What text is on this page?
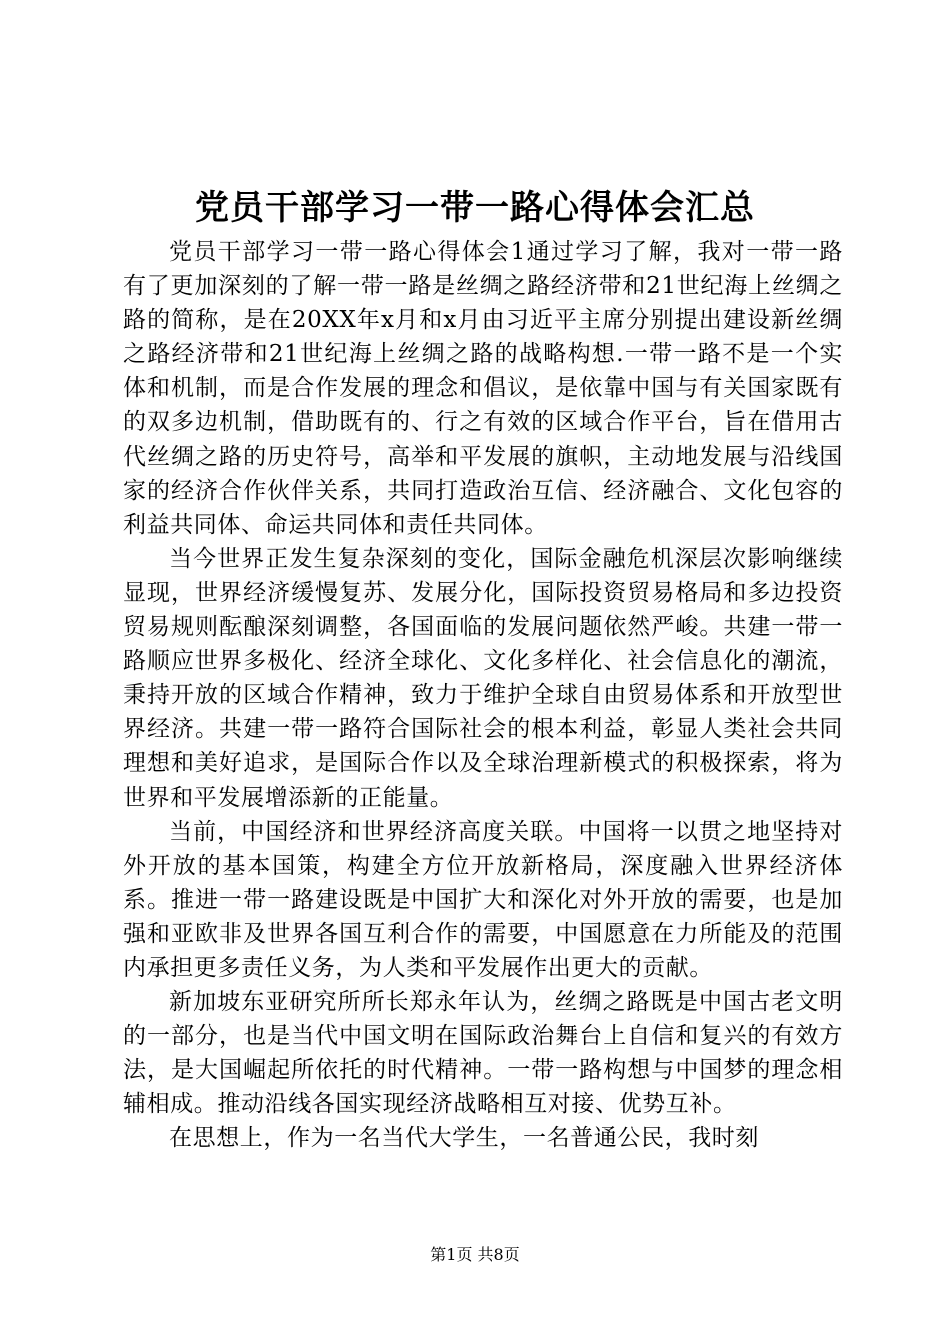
党员干部学习一带一路心得体会汇总

党员干部学习一带一路心得体会1通过学习了解，我对一带一路有了更加深刻的了解一带一路是丝绸之路经济带和21世纪海上丝绸之路的简称，是在20XX年x月和x月由习近平主席分别提出建设新丝绸之路经济带和21世纪海上丝绸之路的战略构想.一带一路不是一个实体和机制，而是合作发展的理念和倡议，是依靠中国与有关国家既有的双多边机制，借助既有的、行之有效的区域合作平台，旨在借用古代丝绸之路的历史符号，高举和平发展的旗帜，主动地发展与沿线国家的经济合作伙伴关系，共同打造政治互信、经济融合、文化包容的利益共同体、命运共同体和责任共同体。

当今世界正发生复杂深刻的变化，国际金融危机深层次影响继续显现，世界经济缓慢复苏、发展分化，国际投资贸易格局和多边投资贸易规则酝酿深刻调整，各国面临的发展问题依然严峻。共建一带一路顺应世界多极化、经济全球化、文化多样化、社会信息化的潮流，秉持开放的区域合作精神，致力于维护全球自由贸易体系和开放型世界经济。共建一带一路符合国际社会的根本利益，彰显人类社会共同理想和美好追求，是国际合作以及全球治理新模式的积极探索，将为世界和平发展增添新的正能量。

当前，中国经济和世界经济高度关联。中国将一以贯之地坚持对外开放的基本国策，构建全方位开放新格局，深度融入世界经济体系。推进一带一路建设既是中国扩大和深化对外开放的需要，也是加强和亚欧非及世界各国互利合作的需要，中国愿意在力所能及的范围内承担更多责任义务，为人类和平发展作出更大的贡献。

新加坡东亚研究所所长郑永年认为，丝绸之路既是中国古老文明的一部分，也是当代中国文明在国际政治舞台上自信和复兴的有效方法，是大国崛起所依托的时代精神。一带一路构想与中国梦的理念相辅相成。推动沿线各国实现经济战略相互对接、优势互补。

在思想上，作为一名当代大学生，一名普通公民，我时刻

第1页 共8页
